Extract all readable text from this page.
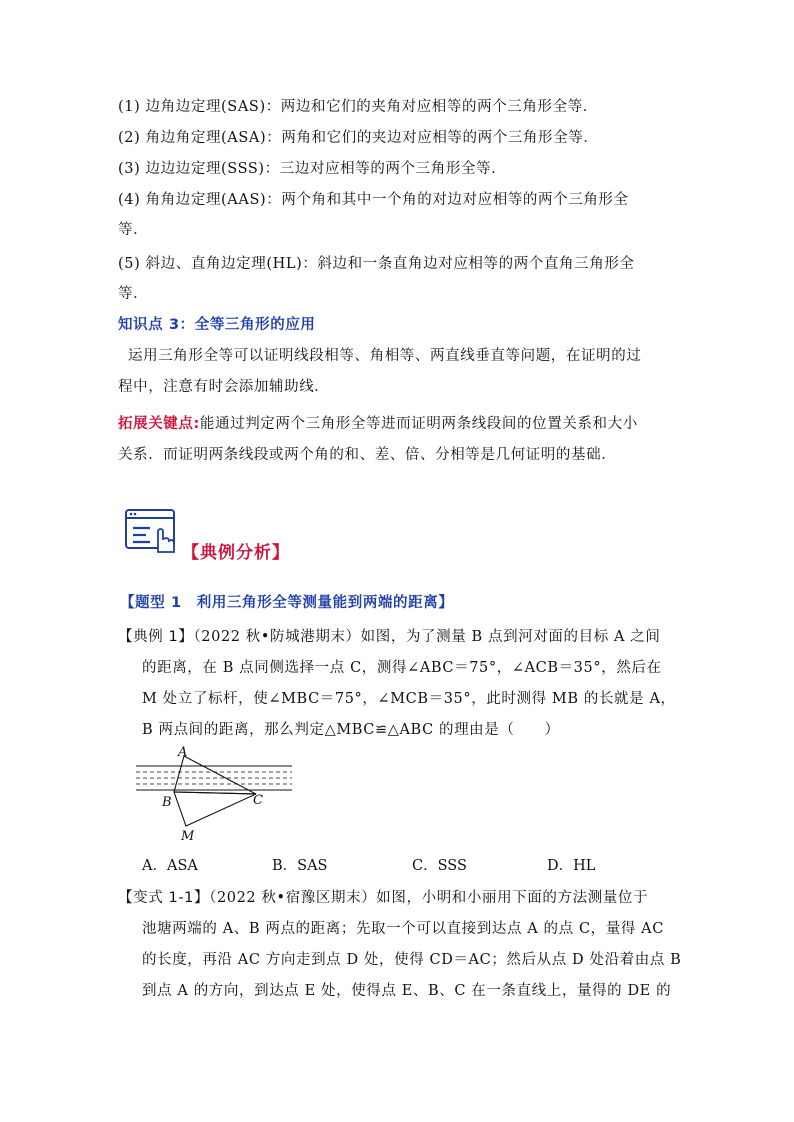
(1) 边角边定理(SAS)：两边和它们的夹角对应相等的两个三角形全等．
(2) 角边角定理(ASA)：两角和它们的夹边对应相等的两个三角形全等．
(3) 边边边定理(SSS)：三边对应相等的两个三角形全等．
(4) 角角边定理(AAS)：两个角和其中一个角的对边对应相等的两个三角形全
等．
(5) 斜边、直角边定理(HL)：斜边和一条直角边对应相等的两个直角三角形全
等．
知识点 3：全等三角形的应用
运用三角形全等可以证明线段相等、角相等、两直线垂直等问题，在证明的过
程中，注意有时会添加辅助线．
拓展关键点:能通过判定两个三角形全等进而证明两条线段间的位置关系和大小
关系．而证明两条线段或两个角的和、差、倍、分相等是几何证明的基础．
【典例分析】
【题型 1　利用三角形全等测量能到两端的距离】
【典例 1】（2022 秋•防城港期末）如图，为了测量 B 点到河对面的目标 A 之间
的距离，在 B 点同侧选择一点 C，测得∠ABC＝75°，∠ACB＝35°，然后在
M 处立了标杆，使∠MBC＝75°，∠MCB＝35°，此时测得 MB 的长就是 A，
B 两点间的距离，那么判定△MBC≌△ABC 的理由是（　　）
A
B	C
M
A．ASA	B．SAS	C．SSS	D．HL
【变式 1-1】（2022 秋•宿豫区期末）如图，小明和小丽用下面的方法测量位于
池塘两端的 A、B 两点的距离；先取一个可以直接到达点 A 的点 C，量得 AC
的长度，再沿 AC 方向走到点 D 处，使得 CD＝AC；然后从点 D 处沿着由点 B
到点 A 的方向，到达点 E 处，使得点 E、B、C 在一条直线上，量得的 DE 的
